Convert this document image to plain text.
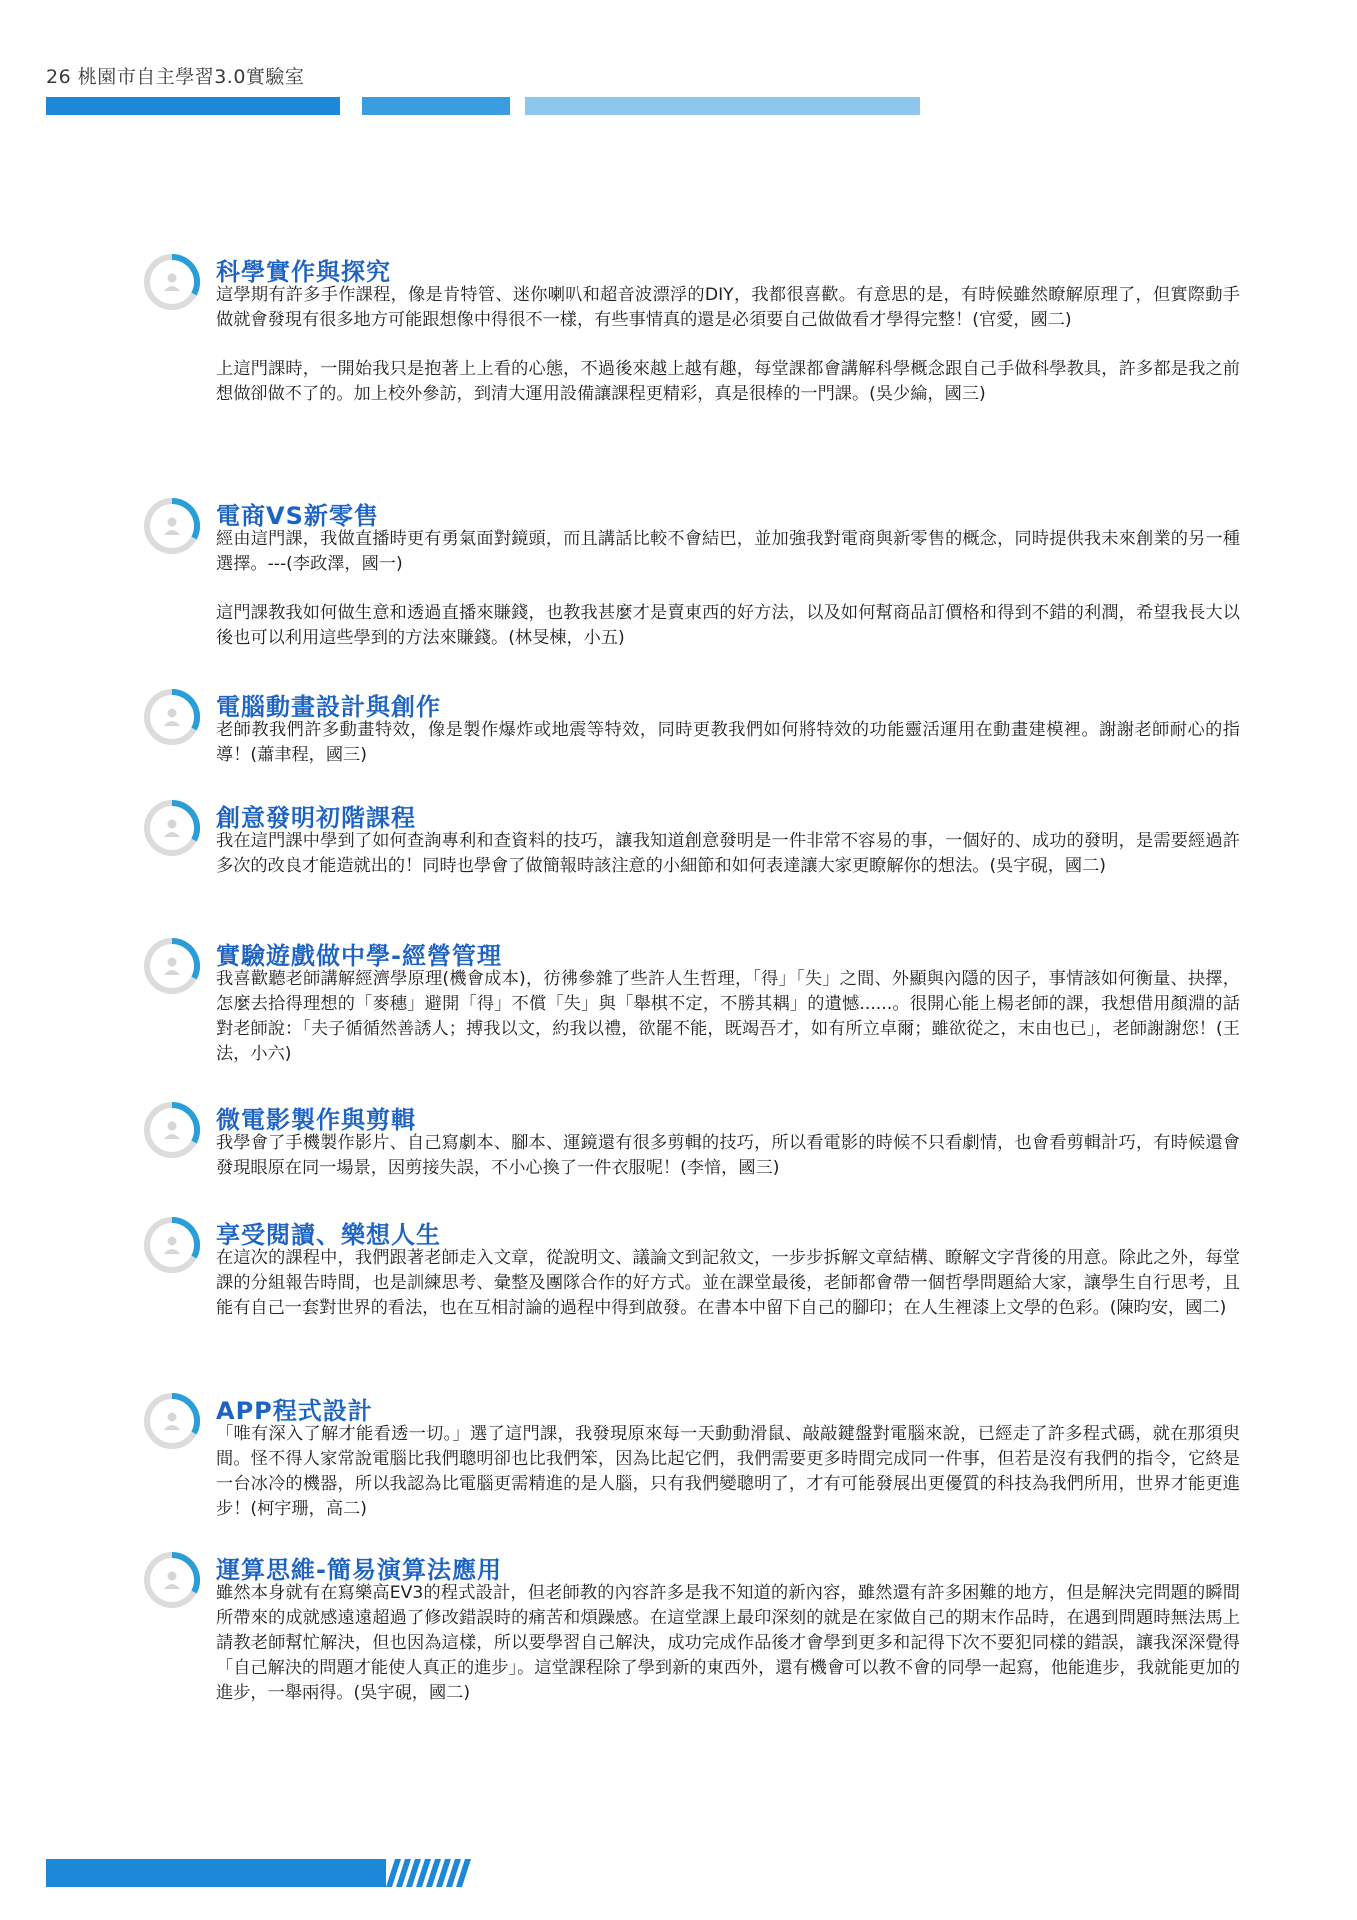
26 桃園市自主學習3.0實驗室
科學實作與探究

這學期有許多手作課程，像是肯特管、迷你喇叭和超音波漂浮的DIY，我都很喜歡。有意思的是，有時候雖然瞭解原理了，但實際動手做就會發現有很多地方可能跟想像中得很不一樣，有些事情真的還是必須要自己做做看才學得完整！(官愛，國二)

上這門課時，一開始我只是抱著上上看的心態，不過後來越上越有趣，每堂課都會講解科學概念跟自己手做科學教具，許多都是我之前想做卻做不了的。加上校外參訪，到清大運用設備讓課程更精彩，真是很棒的一門課。(吳少綸，國三)

電商VS新零售

經由這門課，我做直播時更有勇氣面對鏡頭，而且講話比較不會結巴，並加強我對電商與新零售的概念，同時提供我未來創業的另一種選擇。---(李政澤，國一)

這門課教我如何做生意和透過直播來賺錢，也教我甚麼才是賣東西的好方法，以及如何幫商品訂價格和得到不錯的利潤，希望我長大以後也可以利用這些學到的方法來賺錢。(林旻棟，小五)

電腦動畫設計與創作

老師教我們許多動畫特效，像是製作爆炸或地震等特效，同時更教我們如何將特效的功能靈活運用在動畫建模裡。謝謝老師耐心的指導！(蕭聿程，國三)

創意發明初階課程

我在這門課中學到了如何查詢專利和查資料的技巧，讓我知道創意發明是一件非常不容易的事，一個好的、成功的發明，是需要經過許多次的改良才能造就出的！同時也學會了做簡報時該注意的小細節和如何表達讓大家更瞭解你的想法。(吳宇硯，國二)

實驗遊戲做中學-經營管理

我喜歡聽老師講解經濟學原理(機會成本)，彷彿參雜了些許人生哲理，「得」「失」之間、外顯與內隱的因子，事情該如何衡量、抉擇，怎麼去拾得理想的「麥穗」避開「得」不償「失」與「舉棋不定，不勝其耦」的遺憾......。很開心能上楊老師的課，我想借用顏淵的話對老師說：「夫子循循然善誘人；搏我以文，約我以禮，欲罷不能，既竭吾才，如有所立卓爾；雖欲從之，末由也已」，老師謝謝您！(王法，小六)

微電影製作與剪輯

我學會了手機製作影片、自己寫劇本、腳本、運鏡還有很多剪輯的技巧，所以看電影的時候不只看劇情，也會看剪輯計巧，有時候還會發現眼原在同一場景，因剪接失誤，不小心換了一件衣服呢！(李愔，國三)

享受閱讀、樂想人生

在這次的課程中，我們跟著老師走入文章，從說明文、議論文到記敘文，一步步拆解文章結構、瞭解文字背後的用意。除此之外，每堂課的分組報告時間，也是訓練思考、彙整及團隊合作的好方式。並在課堂最後，老師都會帶一個哲學問題給大家，讓學生自行思考，且能有自己一套對世界的看法，也在互相討論的過程中得到啟發。在書本中留下自己的腳印；在人生裡漆上文學的色彩。(陳昀安，國二)

APP程式設計

「唯有深入了解才能看透一切。」選了這門課，我發現原來每一天動動滑鼠、敲敲鍵盤對電腦來說，已經走了許多程式碼，就在那須臾間。怪不得人家常說電腦比我們聰明卻也比我們笨，因為比起它們，我們需要更多時間完成同一件事，但若是沒有我們的指令，它終是一台冰冷的機器，所以我認為比電腦更需精進的是人腦，只有我們變聰明了，才有可能發展出更優質的科技為我們所用，世界才能更進步！(柯宇珊，高二)

運算思維-簡易演算法應用

雖然本身就有在寫樂高EV3的程式設計，但老師教的內容許多是我不知道的新內容，雖然還有許多困難的地方，但是解決完問題的瞬間所帶來的成就感遠遠超過了修改錯誤時的痛苦和煩躁感。在這堂課上最印深刻的就是在家做自己的期末作品時，在遇到問題時無法馬上請教老師幫忙解決，但也因為這樣，所以要學習自己解決，成功完成作品後才會學到更多和記得下次不要犯同樣的錯誤，讓我深深覺得「自己解決的問題才能使人真正的進步」。這堂課程除了學到新的東西外，還有機會可以教不會的同學一起寫，他能進步，我就能更加的進步，一舉兩得。(吳宇硯，國二)
